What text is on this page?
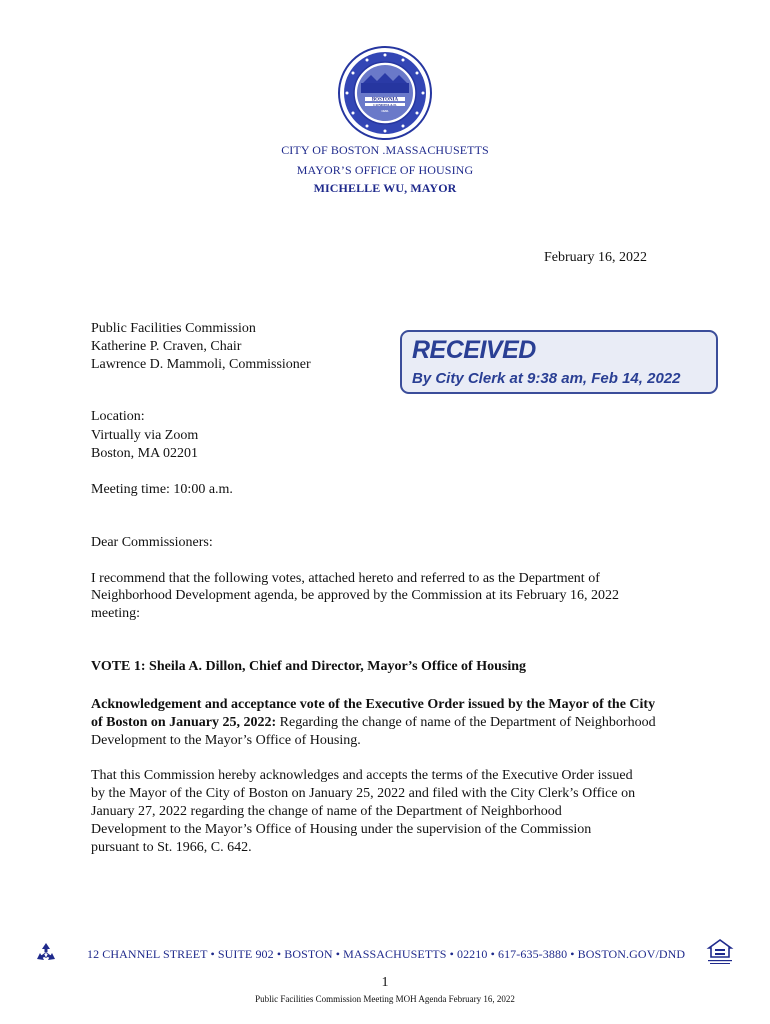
BOSTONIA
CONDITA A.D.
1630.
CITY OF BOSTON .MASSACHUSETTS
MAYOR’S OFFICE OF HOUSING
MICHELLE WU, MAYOR
February 16, 2022
Public Facilities Commission
Katherine P. Craven, Chair
Lawrence D. Mammoli, Commissioner
RECEIVED
By City Clerk at 9:38 am, Feb 14, 2022
Location:
Virtually via Zoom
Boston, MA 02201
Meeting time: 10:00 a.m.
Dear Commissioners:
I recommend that the following votes, attached hereto and referred to as the Department of
Neighborhood Development agenda, be approved by the Commission at its February 16, 2022
meeting:
VOTE 1: Sheila A. Dillon, Chief and Director, Mayor’s Office of Housing
Acknowledgement and acceptance vote of the Executive Order issued by the Mayor of the City
of Boston on January 25, 2022: Regarding the change of name of the Department of Neighborhood
Development to the Mayor’s Office of Housing.
That this Commission hereby acknowledges and accepts the terms of the Executive Order issued
by the Mayor of the City of Boston on January 25, 2022 and filed with the City Clerk’s Office on
January 27, 2022 regarding the change of name of the Department of Neighborhood
Development to the Mayor’s Office of Housing under the supervision of the Commission
pursuant to St. 1966, C. 642.
12 CHANNEL STREET • SUITE 902 • BOSTON • MASSACHUSETTS • 02210 • 617-635-3880 • BOSTON.GOV/DND
1
Public Facilities Commission Meeting MOH Agenda February 16, 2022
